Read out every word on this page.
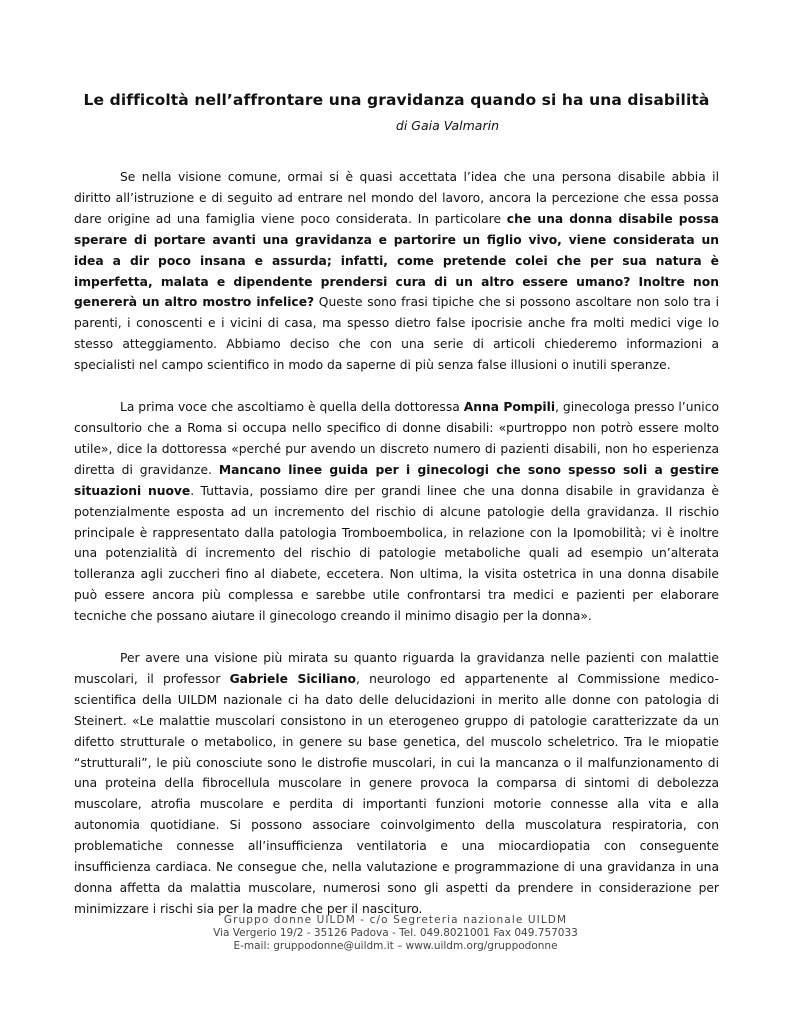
Le difficoltà nell’affrontare una gravidanza quando si ha una disabilità

di Gaia Valmarin

Se nella visione comune, ormai si è quasi accettata l’idea che una persona disabile abbia il diritto all’istruzione e di seguito ad entrare nel mondo del lavoro, ancora la percezione che essa possa dare origine ad una famiglia viene poco considerata. In particolare che una donna disabile possa sperare di portare avanti una gravidanza e partorire un figlio vivo, viene considerata un idea a dir poco insana e assurda; infatti, come pretende colei che per sua natura è imperfetta, malata e dipendente prendersi cura di un altro essere umano? Inoltre non genererà un altro mostro infelice? Queste sono frasi tipiche che si possono ascoltare non solo tra i parenti, i conoscenti e i vicini di casa, ma spesso dietro false ipocrisie anche fra molti medici vige lo stesso atteggiamento. Abbiamo deciso che con una serie di articoli chiederemo informazioni a specialisti nel campo scientifico in modo da saperne di più senza false illusioni o inutili speranze.

La prima voce che ascoltiamo è quella della dottoressa Anna Pompili, ginecologa presso l’unico consultorio che a Roma si occupa nello specifico di donne disabili: «purtroppo non potrò essere molto utile», dice la dottoressa «perché pur avendo un discreto numero di pazienti disabili, non ho esperienza diretta di gravidanze. Mancano linee guida per i ginecologi che sono spesso soli a gestire situazioni nuove. Tuttavia, possiamo dire per grandi linee che una donna disabile in gravidanza è potenzialmente esposta ad un incremento del rischio di alcune patologie della gravidanza. Il rischio principale è rappresentato dalla patologia Tromboembolica, in relazione con la Ipomobilità; vi è inoltre una potenzialità di incremento del rischio di patologie metaboliche quali ad esempio un’alterata tolleranza agli zuccheri fino al diabete, eccetera. Non ultima, la visita ostetrica in una donna disabile può essere ancora più complessa e sarebbe utile confrontarsi tra medici e pazienti per elaborare tecniche che possano aiutare il ginecologo creando il minimo disagio per la donna».

Per avere una visione più mirata su quanto riguarda la gravidanza nelle pazienti con malattie muscolari, il professor Gabriele Siciliano, neurologo ed appartenente al Commissione medico-scientifica della UILDM nazionale ci ha dato delle delucidazioni in merito alle donne con patologia di Steinert. «Le malattie muscolari consistono in un eterogeneo gruppo di patologie caratterizzate da un difetto strutturale o metabolico, in genere su base genetica, del muscolo scheletrico. Tra le miopatie “strutturali”, le più conosciute sono le distrofie muscolari, in cui la mancanza o il malfunzionamento di una proteina della fibrocellula muscolare in genere provoca la comparsa di sintomi di debolezza muscolare, atrofia muscolare e perdita di importanti funzioni motorie connesse alla vita e alla autonomia quotidiane. Si possono associare coinvolgimento della muscolatura respiratoria, con problematiche connesse all’insufficienza ventilatoria e una miocardiopatia con conseguente insufficienza cardiaca. Ne consegue che, nella valutazione e programmazione di una gravidanza in una donna affetta da malattia muscolare, numerosi sono gli aspetti da prendere in considerazione per minimizzare i rischi sia per la madre che per il nascituro.

Gruppo donne UILDM - c/o Segreteria nazionale UILDM
Via Vergerio 19/2 - 35126 Padova - Tel. 049.8021001 Fax 049.757033
E-mail: gruppodonne@uildm.it – www.uildm.org/gruppodonne
